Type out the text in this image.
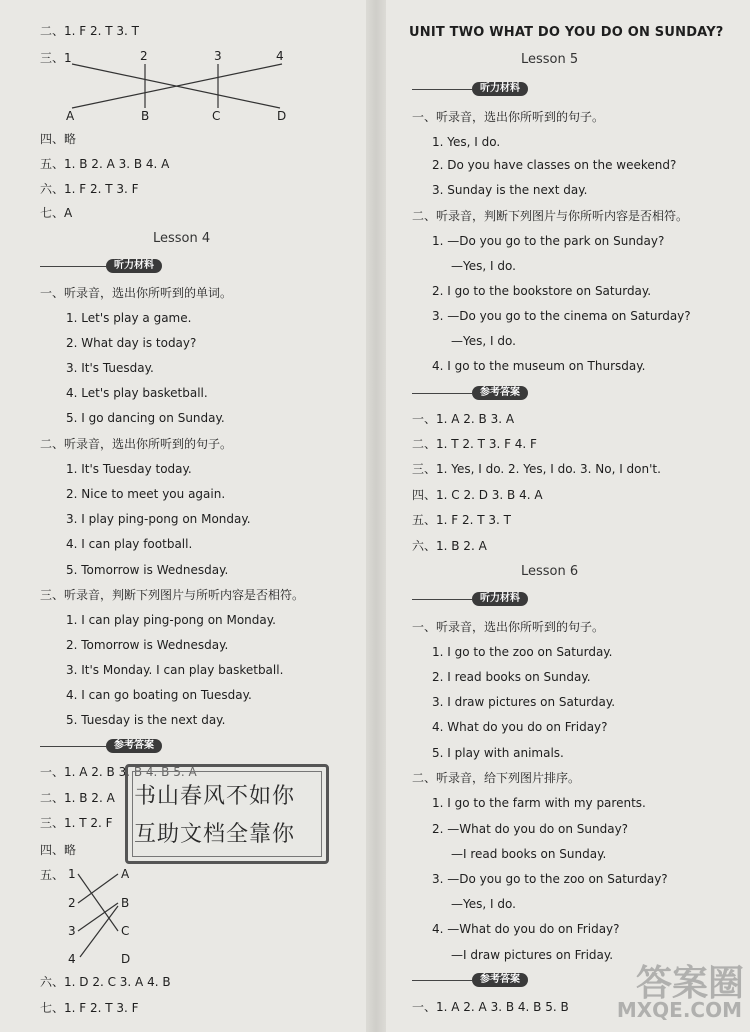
二、1. F 2. T 3. T
三、1
四、略
五、1. B 2. A 3. B 4. A
六、1. F 2. T 3. F
七、A
一、听录音，选出你所听到的单词。
1. Let's play a game.
2. What day is today?
3. It's Tuesday.
4. Let's play basketball.
5. I go dancing on Sunday.
二、听录音，选出你所听到的句子。
1. It's Tuesday today.
2. Nice to meet you again.
3. I play ping-pong on Monday.
4. I can play football.
5. Tomorrow is Wednesday.
三、听录音，判断下列图片与所听内容是否相符。
1. I can play ping-pong on Monday.
2. Tomorrow is Wednesday.
3. It's Monday. I can play basketball.
4. I can go boating on Tuesday.
5. Tuesday is the next day.
一、1. A 2. B 3. B 4. B 5. A
二、1. B 2. A
三、1. T 2. F
四、略
五、
六、1. D 2. C 3. A 4. B
七、1. F 2. T 3. F
2	3	4
A	B	C	D
Lesson 4
听力材料
参考答案
1
2
3
4
A
B
C
D
书山春风不如你
互助文档全靠你
UNIT TWO WHAT DO YOU DO ON SUNDAY?
Lesson 5
听力材料
参考答案
Lesson 6
听力材料
参考答案
一、听录音，选出你所听到的句子。
1. Yes, I do.
2. Do you have classes on the weekend?
3. Sunday is the next day.
二、听录音，判断下列图片与你所听内容是否相符。
1. —Do you go to the park on Sunday?
—Yes, I do.
2. I go to the bookstore on Saturday.
3. —Do you go to the cinema on Saturday?
—Yes, I do.
4. I go to the museum on Thursday.
一、1. A 2. B 3. A
二、1. T 2. T 3. F 4. F
三、1. Yes, I do. 2. Yes, I do. 3. No, I don't.
四、1. C 2. D 3. B 4. A
五、1. F 2. T 3. T
六、1. B 2. A
一、听录音，选出你所听到的句子。
1. I go to the zoo on Saturday.
2. I read books on Sunday.
3. I draw pictures on Saturday.
4. What do you do on Friday?
5. I play with animals.
二、听录音，给下列图片排序。
1. I go to the farm with my parents.
2. —What do you do on Sunday?
—I read books on Sunday.
3. —Do you go to the zoo on Saturday?
—Yes, I do.
4. —What do you do on Friday?
—I draw pictures on Friday.
一、1. A 2. A 3. B 4. B 5. B
答案圈
MXQE.COM
